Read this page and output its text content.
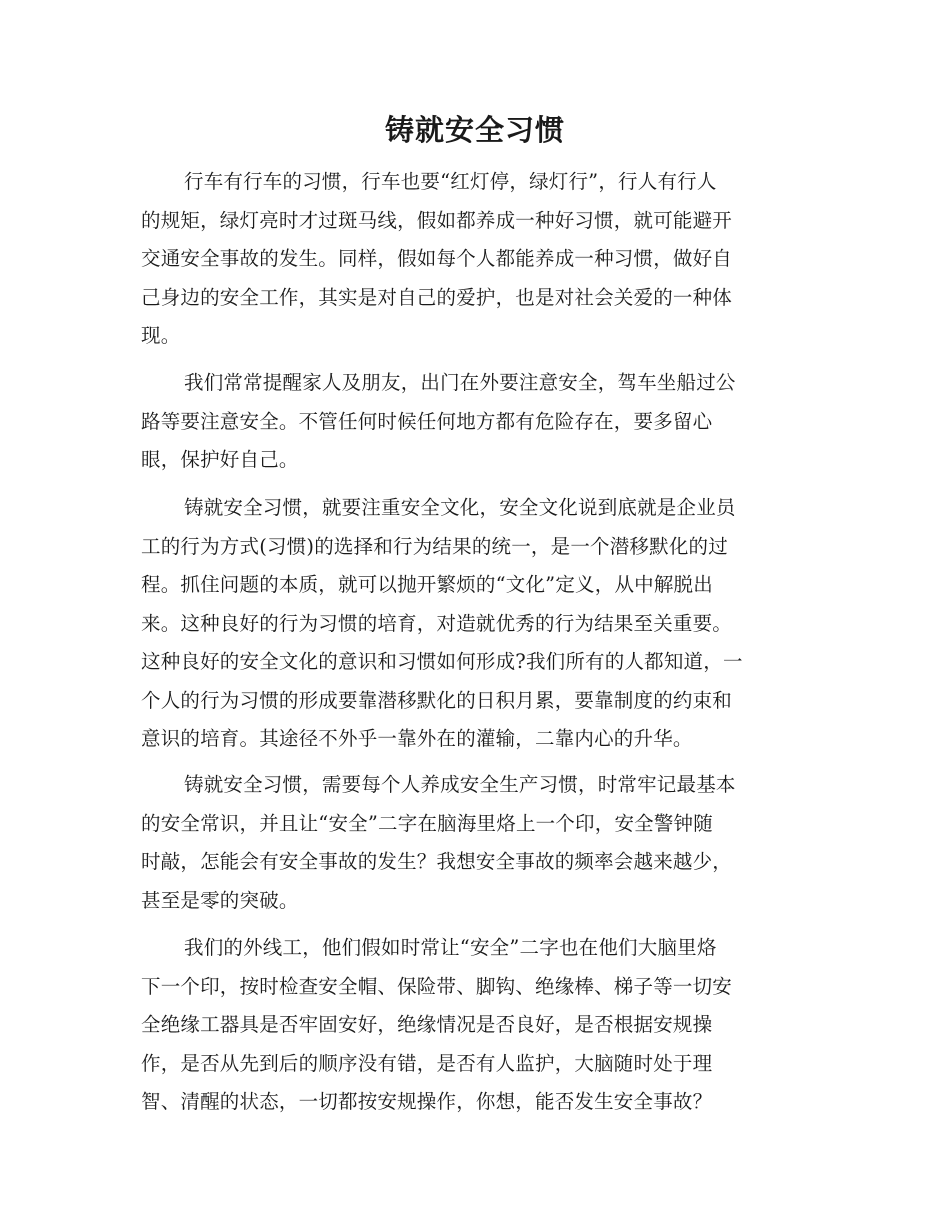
铸就安全习惯

行车有行车的习惯，行车也要“红灯停，绿灯行”，行人有行人
的规矩，绿灯亮时才过斑马线，假如都养成一种好习惯，就可能避开
交通安全事故的发生。同样，假如每个人都能养成一种习惯，做好自
己身边的安全工作，其实是对自己的爱护，也是对社会关爱的一种体
现。

我们常常提醒家人及朋友，出门在外要注意安全，驾车坐船过公
路等要注意安全。不管任何时候任何地方都有危险存在，要多留心
眼，保护好自己。

铸就安全习惯，就要注重安全文化，安全文化说到底就是企业员
工的行为方式(习惯)的选择和行为结果的统一，是一个潜移默化的过
程。抓住问题的本质，就可以抛开繁烦的“文化”定义，从中解脱出
来。这种良好的行为习惯的培育，对造就优秀的行为结果至关重要。
这种良好的安全文化的意识和习惯如何形成?我们所有的人都知道，一
个人的行为习惯的形成要靠潜移默化的日积月累，要靠制度的约束和
意识的培育。其途径不外乎一靠外在的灌输，二靠内心的升华。

铸就安全习惯，需要每个人养成安全生产习惯，时常牢记最基本
的安全常识，并且让“安全”二字在脑海里烙上一个印，安全警钟随
时敲，怎能会有安全事故的发生？我想安全事故的频率会越来越少，
甚至是零的突破。

我们的外线工，他们假如时常让“安全”二字也在他们大脑里烙
下一个印，按时检查安全帽、保险带、脚钩、绝缘棒、梯子等一切安
全绝缘工器具是否牢固安好，绝缘情况是否良好，是否根据安规操
作，是否从先到后的顺序没有错，是否有人监护，大脑随时处于理
智、清醒的状态，一切都按安规操作，你想，能否发生安全事故？
